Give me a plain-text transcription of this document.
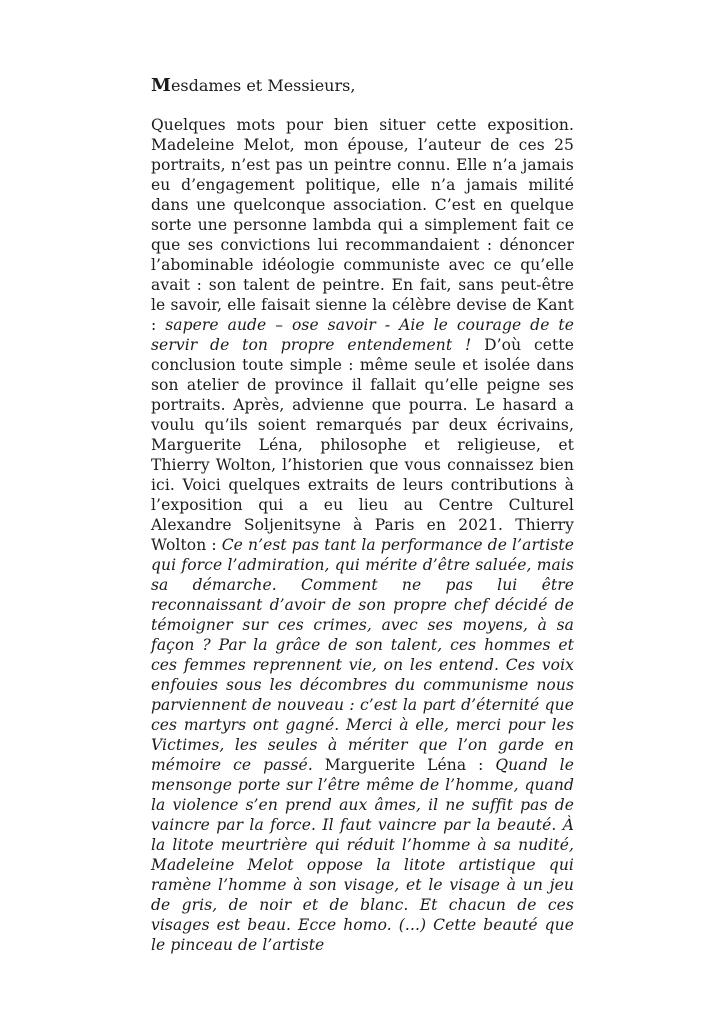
Mesdames et Messieurs,

Quelques mots pour bien situer cette exposition. Madeleine Melot, mon épouse, l’auteur de ces 25 portraits, n’est pas un peintre connu. Elle n’a jamais eu d’engagement politique, elle n’a jamais milité dans une quelconque association. C’est en quelque sorte une personne lambda qui a simplement fait ce que ses convictions lui recommandaient : dénoncer l’abominable idéologie communiste avec ce qu’elle avait : son talent de peintre. En fait, sans peut-être le savoir, elle faisait sienne la célèbre devise de Kant : sapere aude – ose savoir - Aie le courage de te servir de ton propre entendement ! D’où cette conclusion toute simple : même seule et isolée dans son atelier de province il fallait qu’elle peigne ses portraits. Après, advienne que pourra. Le hasard a voulu qu’ils soient remarqués par deux écrivains, Marguerite Léna, philosophe et religieuse, et Thierry Wolton, l’historien que vous connaissez bien ici. Voici quelques extraits de leurs contributions à l’exposition qui a eu lieu au Centre Culturel Alexandre Soljenitsyne à Paris en 2021. Thierry Wolton : Ce n’est pas tant la performance de l’artiste qui force l’admiration, qui mérite d’être saluée, mais sa démarche. Comment ne pas lui être reconnaissant d’avoir de son propre chef décidé de témoigner sur ces crimes, avec ses moyens, à sa façon ? Par la grâce de son talent, ces hommes et ces femmes reprennent vie, on les entend. Ces voix enfouies sous les décombres du communisme nous parviennent de nouveau : c’est la part d’éternité que ces martyrs ont gagné. Merci à elle, merci pour les Victimes, les seules à mériter que l’on garde en mémoire ce passé. Marguerite Léna : Quand le mensonge porte sur l’être même de l’homme, quand la violence s’en prend aux âmes, il ne suffit pas de vaincre par la force. Il faut vaincre par la beauté. À la litote meurtrière qui réduit l’homme à sa nudité, Madeleine Melot oppose la litote artistique qui ramène l’homme à son visage, et le visage à un jeu de gris, de noir et de blanc. Et chacun de ces visages est beau. Ecce homo. (...) Cette beauté que le pinceau de l’artiste
